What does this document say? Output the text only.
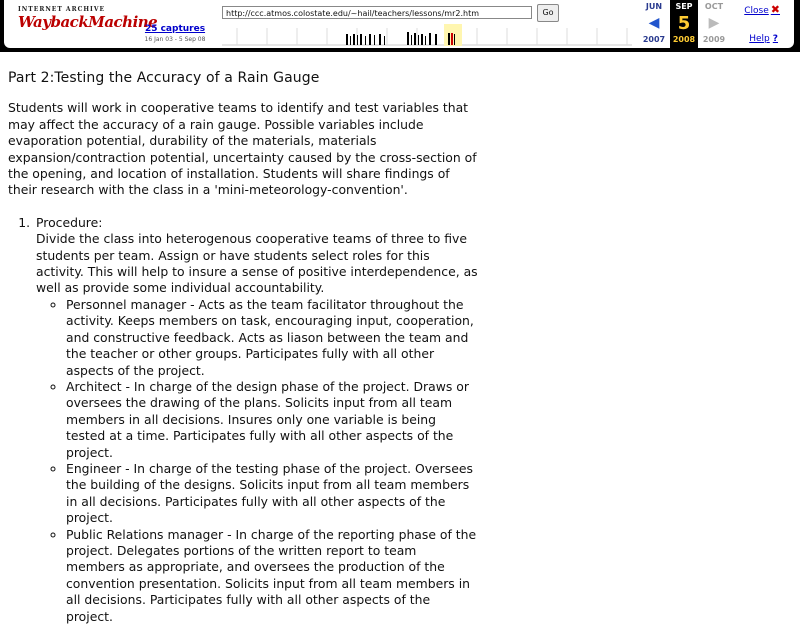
INTERNET ARCHIVE
WaybackMachine
25 captures
16 Jan 03 - 5 Sep 08
http://ccc.atmos.colostate.edu/~hail/teachers/lessons/mr2.htm	Go
JUN
◀
2007
SEP
5
2008
OCT
▶
2009
Close ✖
Help ?
Part 2:Testing the Accuracy of a Rain Gauge

Students will work in cooperative teams to identify and test variables that may affect the accuracy of a rain gauge. Possible variables include evaporation potential, durability of the materials, materials expansion/contraction potential, uncertainty caused by the cross-section of the opening, and location of installation. Students will share findings of their research with the class in a 'mini-meteorology-convention'.

1. Procedure:
Divide the class into heterogenous cooperative teams of three to five students per team. Assign or have students select roles for this activity. This will help to insure a sense of positive interdependence, as well as provide some individual accountability.
◦ Personnel manager - Acts as the team facilitator throughout the activity. Keeps members on task, encouraging input, cooperation, and constructive feedback. Acts as liason between the team and the teacher or other groups. Participates fully with all other aspects of the project.
◦ Architect - In charge of the design phase of the project. Draws or oversees the drawing of the plans. Solicits input from all team members in all decisions. Insures only one variable is being tested at a time. Participates fully with all other aspects of the project.
◦ Engineer - In charge of the testing phase of the project. Oversees the building of the designs. Solicits input from all team members in all decisions. Participates fully with all other aspects of the project.
◦ Public Relations manager - In charge of the reporting phase of the project. Delegates portions of the written report to team members as appropriate, and oversees the production of the convention presentation. Solicits input from all team members in all decisions. Participates fully with all other aspects of the project.
